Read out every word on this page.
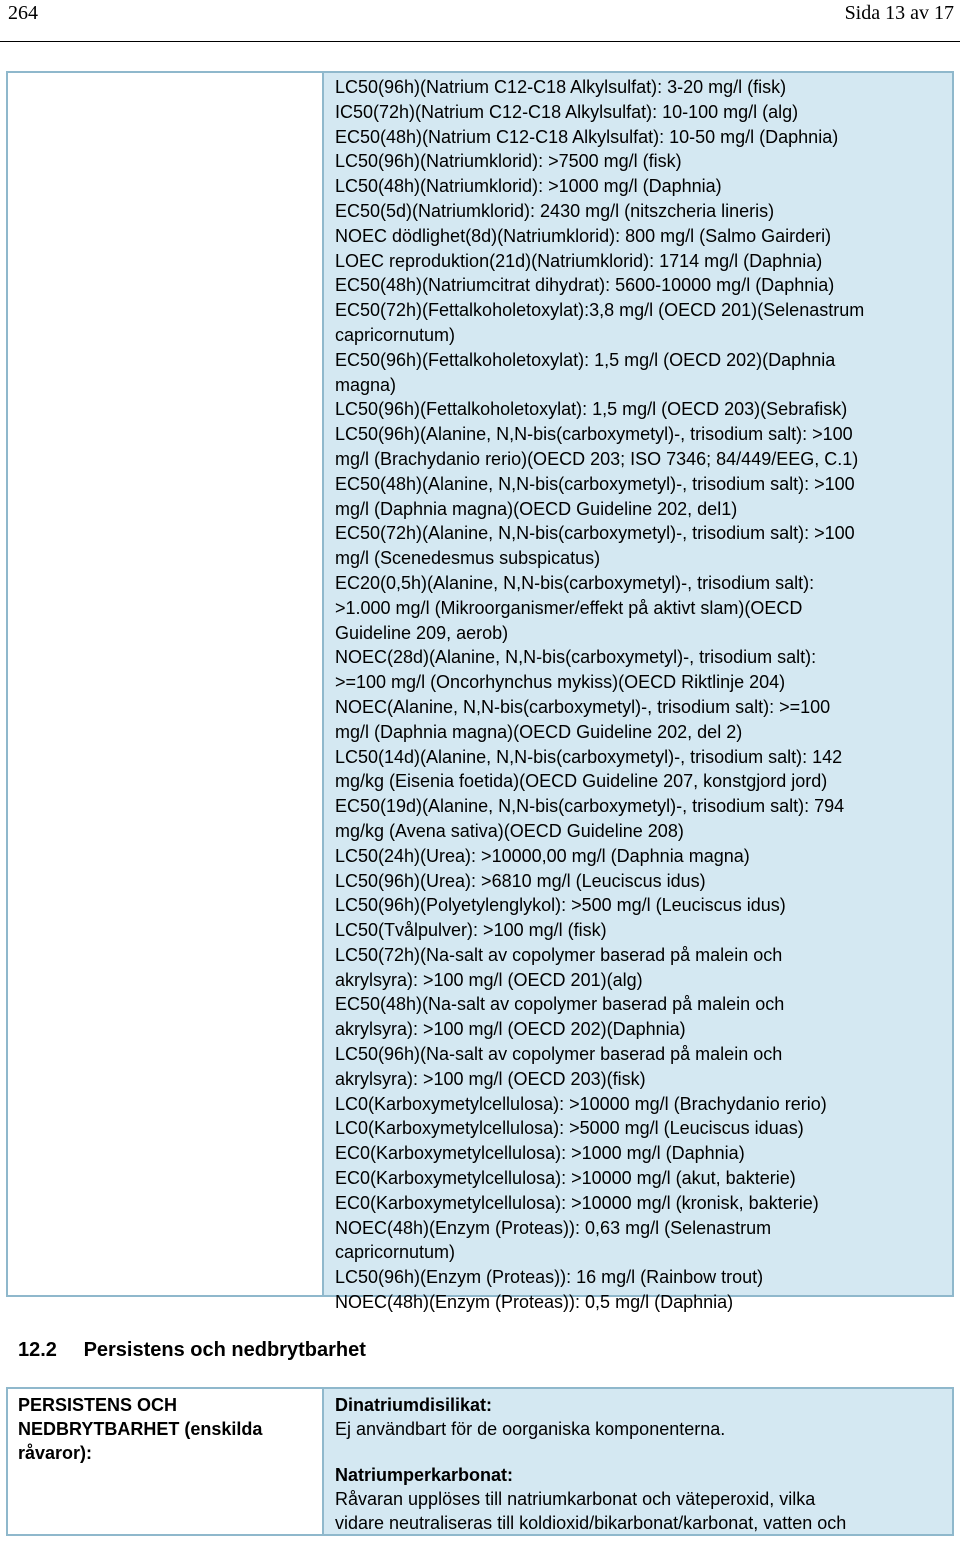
264	Sida 13 av 17
LC50(96h)(Natrium C12-C18 Alkylsulfat): 3-20 mg/l (fisk)
IC50(72h)(Natrium C12-C18 Alkylsulfat): 10-100 mg/l (alg)
EC50(48h)(Natrium C12-C18 Alkylsulfat): 10-50 mg/l (Daphnia)
LC50(96h)(Natriumklorid): >7500 mg/l (fisk)
LC50(48h)(Natriumklorid): >1000 mg/l (Daphnia)
EC50(5d)(Natriumklorid): 2430 mg/l (nitszcheria lineris)
NOEC dödlighet(8d)(Natriumklorid): 800 mg/l (Salmo Gairderi)
LOEC reproduktion(21d)(Natriumklorid): 1714 mg/l (Daphnia)
EC50(48h)(Natriumcitrat dihydrat): 5600-10000 mg/l (Daphnia)
EC50(72h)(Fettalkoholetoxylat):3,8 mg/l (OECD 201)(Selenastrum
capricornutum)
EC50(96h)(Fettalkoholetoxylat): 1,5 mg/l (OECD 202)(Daphnia
magna)
LC50(96h)(Fettalkoholetoxylat): 1,5 mg/l (OECD 203)(Sebrafisk)
LC50(96h)(Alanine, N,N-bis(carboxymetyl)-, trisodium salt): >100
mg/l (Brachydanio rerio)(OECD 203; ISO 7346; 84/449/EEG, C.1)
EC50(48h)(Alanine, N,N-bis(carboxymetyl)-, trisodium salt): >100
mg/l (Daphnia magna)(OECD Guideline 202, del1)
EC50(72h)(Alanine, N,N-bis(carboxymetyl)-, trisodium salt): >100
mg/l (Scenedesmus subspicatus)
EC20(0,5h)(Alanine, N,N-bis(carboxymetyl)-, trisodium salt):
>1.000 mg/l (Mikroorganismer/effekt på aktivt slam)(OECD
Guideline 209, aerob)
NOEC(28d)(Alanine, N,N-bis(carboxymetyl)-, trisodium salt):
>=100 mg/l (Oncorhynchus mykiss)(OECD Riktlinje 204)
NOEC(Alanine, N,N-bis(carboxymetyl)-, trisodium salt): >=100
mg/l (Daphnia magna)(OECD Guideline 202, del 2)
LC50(14d)(Alanine, N,N-bis(carboxymetyl)-, trisodium salt): 142
mg/kg (Eisenia foetida)(OECD Guideline 207, konstgjord jord)
EC50(19d)(Alanine, N,N-bis(carboxymetyl)-, trisodium salt): 794
mg/kg (Avena sativa)(OECD Guideline 208)
LC50(24h)(Urea): >10000,00 mg/l (Daphnia magna)
LC50(96h)(Urea): >6810 mg/l (Leuciscus idus)
LC50(96h)(Polyetylenglykol): >500 mg/l (Leuciscus idus)
LC50(Tvålpulver): >100 mg/l (fisk)
LC50(72h)(Na-salt av copolymer baserad på malein och
akrylsyra): >100 mg/l (OECD 201)(alg)
EC50(48h)(Na-salt av copolymer baserad på malein och
akrylsyra): >100 mg/l (OECD 202)(Daphnia)
LC50(96h)(Na-salt av copolymer baserad på malein och
akrylsyra): >100 mg/l (OECD 203)(fisk)
LC0(Karboxymetylcellulosa): >10000 mg/l (Brachydanio rerio)
LC0(Karboxymetylcellulosa): >5000 mg/l (Leuciscus iduas)
EC0(Karboxymetylcellulosa): >1000 mg/l (Daphnia)
EC0(Karboxymetylcellulosa): >10000 mg/l (akut, bakterie)
EC0(Karboxymetylcellulosa): >10000 mg/l (kronisk, bakterie)
NOEC(48h)(Enzym (Proteas)): 0,63 mg/l (Selenastrum
capricornutum)
LC50(96h)(Enzym (Proteas)): 16 mg/l (Rainbow trout)
NOEC(48h)(Enzym (Proteas)): 0,5 mg/l (Daphnia)
12.2 Persistens och nedbrytbarhet
PERSISTENS OCH
NEDBRYTBARHET (enskilda
råvaror):
Dinatriumdisilikat:
Ej användbart för de oorganiska komponenterna.
Natriumperkarbonat:
Råvaran upplöses till natriumkarbonat och väteperoxid, vilka
vidare neutraliseras till koldioxid/bikarbonat/karbonat, vatten och
